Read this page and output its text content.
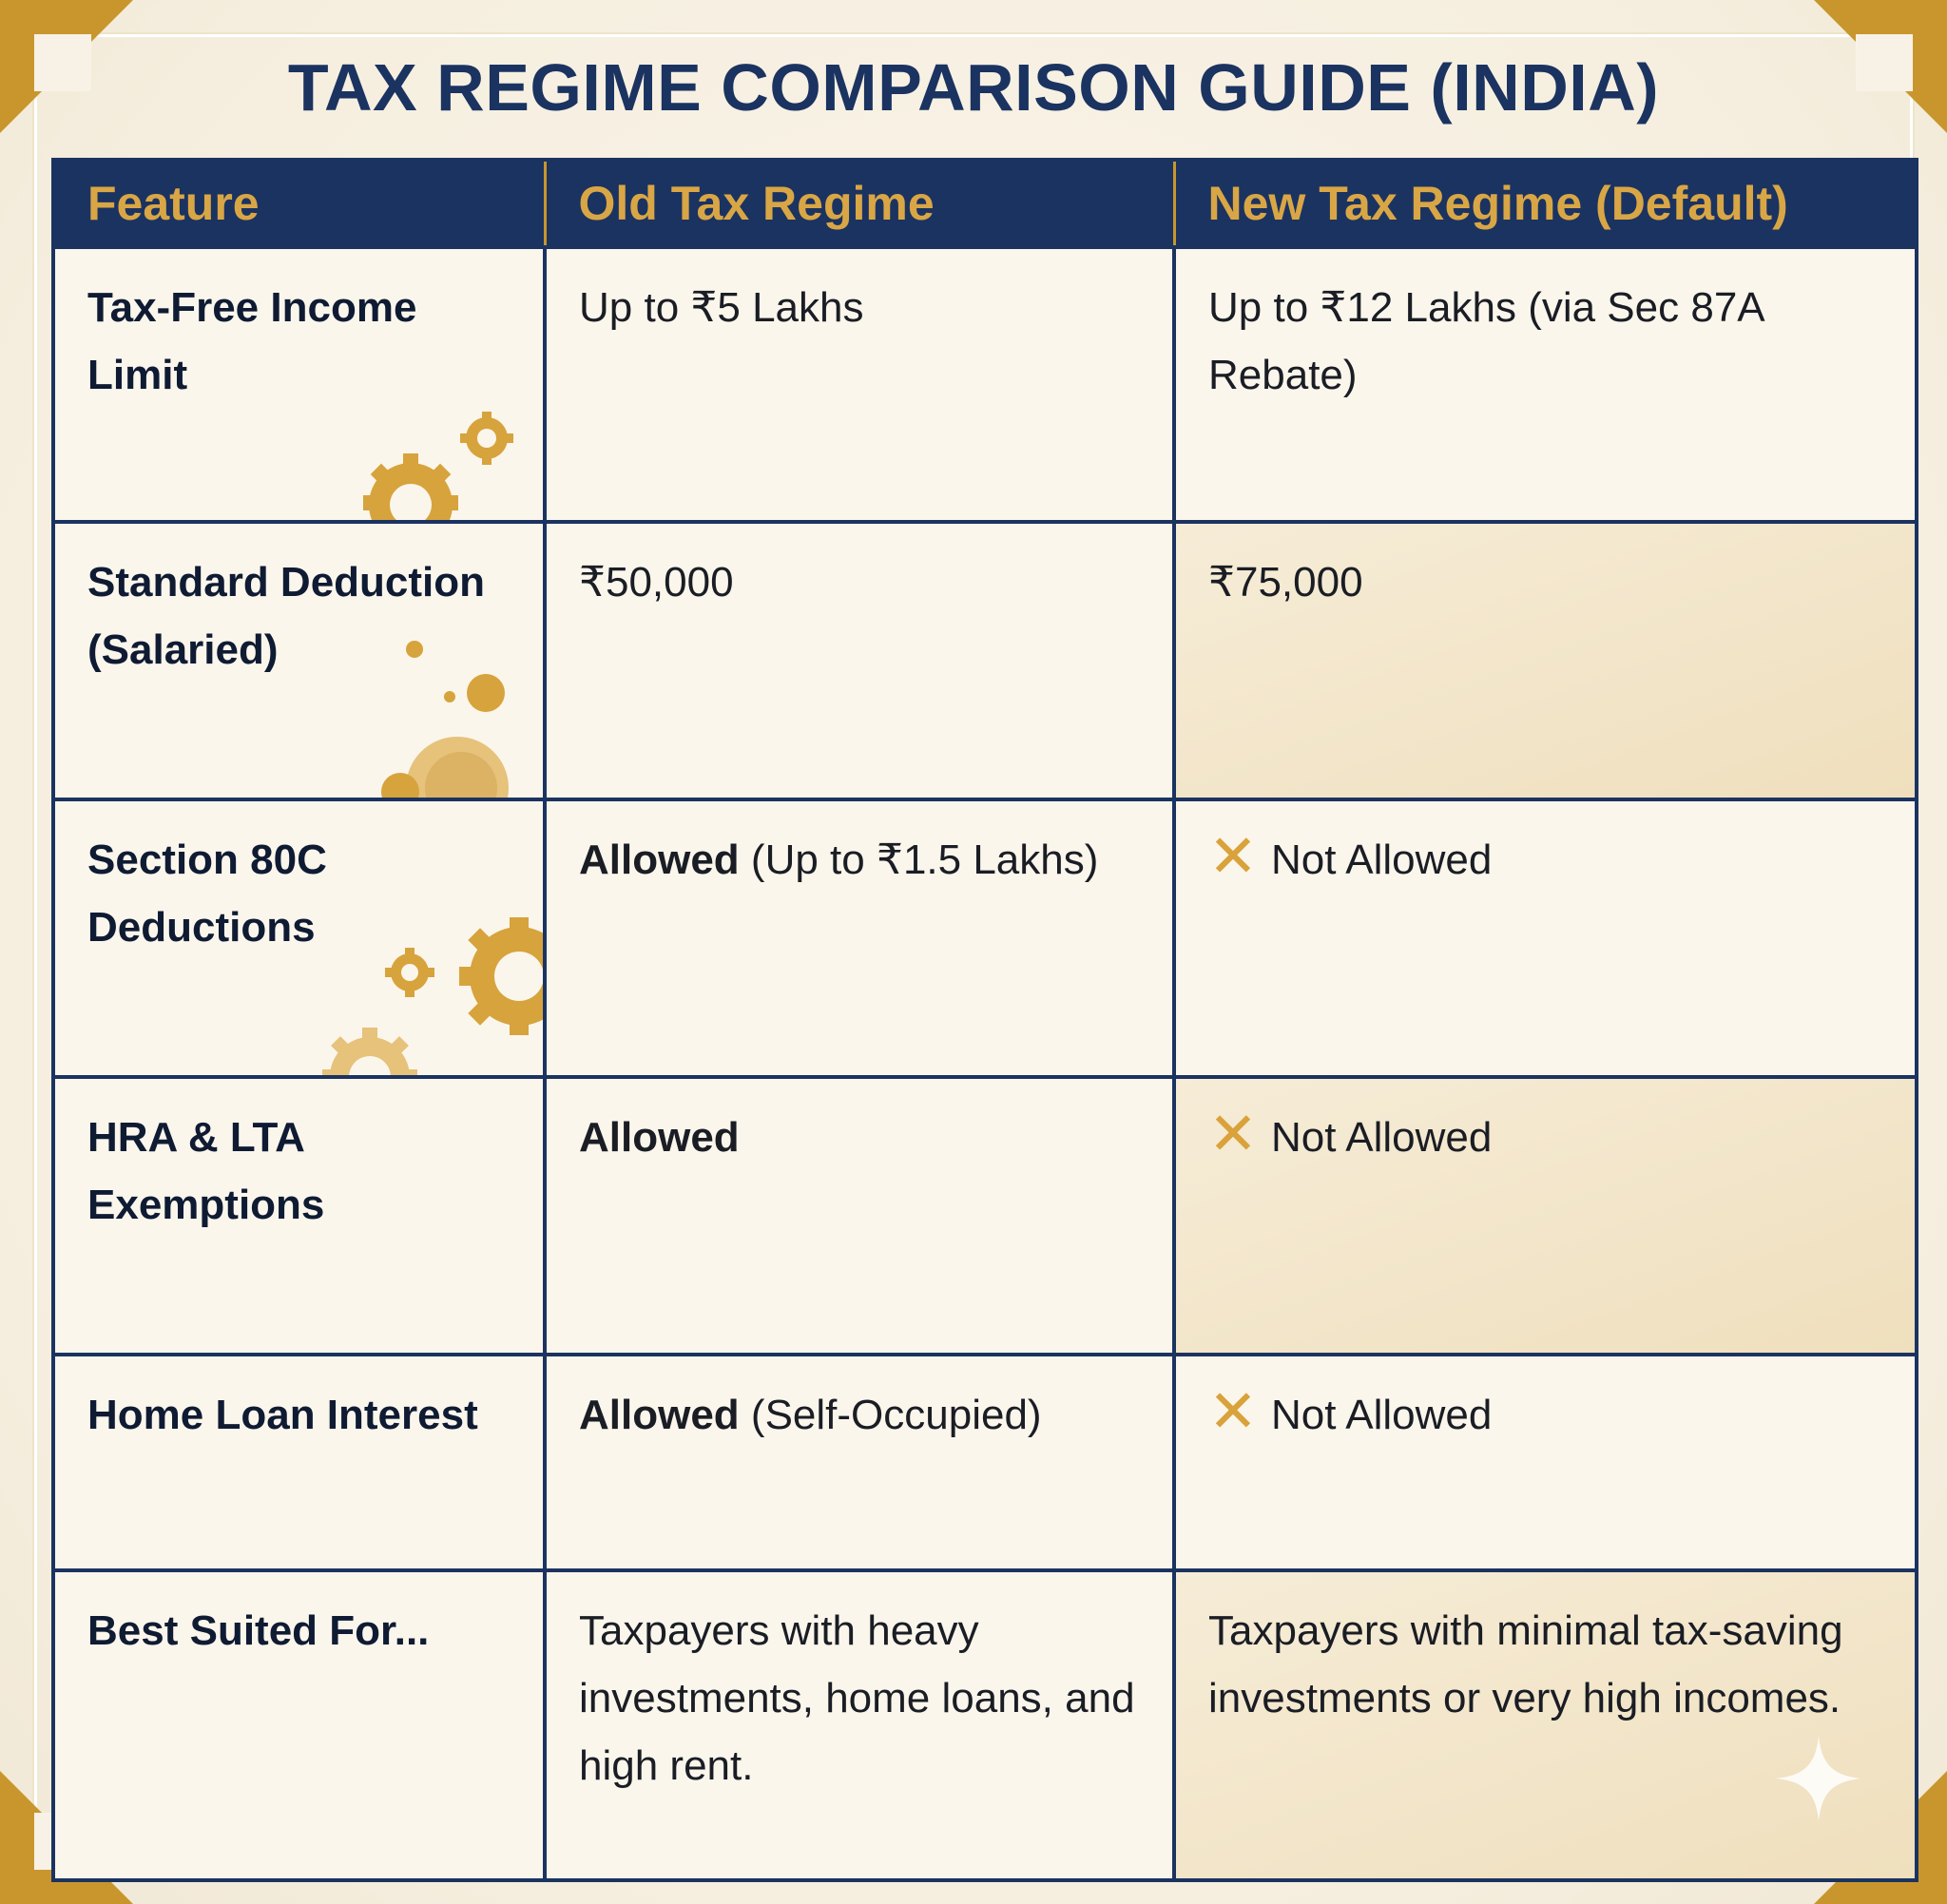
TAX REGIME COMPARISON GUIDE (INDIA)
Feature	Old Tax Regime	New Tax Regime (Default)
Tax-Free Income Limit	Up to ₹5 Lakhs	Up to ₹12 Lakhs (via Sec 87A Rebate)
Standard Deduction (Salaried)	₹50,000	₹75,000
Section 80C Deductions	Allowed (Up to ₹1.5 Lakhs)	✕ Not Allowed
HRA & LTA Exemptions	Allowed	✕ Not Allowed
Home Loan Interest	Allowed (Self-Occupied)	✕ Not Allowed
Best Suited For...	Taxpayers with heavy investments, home loans, and high rent.	Taxpayers with minimal tax-saving investments or very high incomes.
